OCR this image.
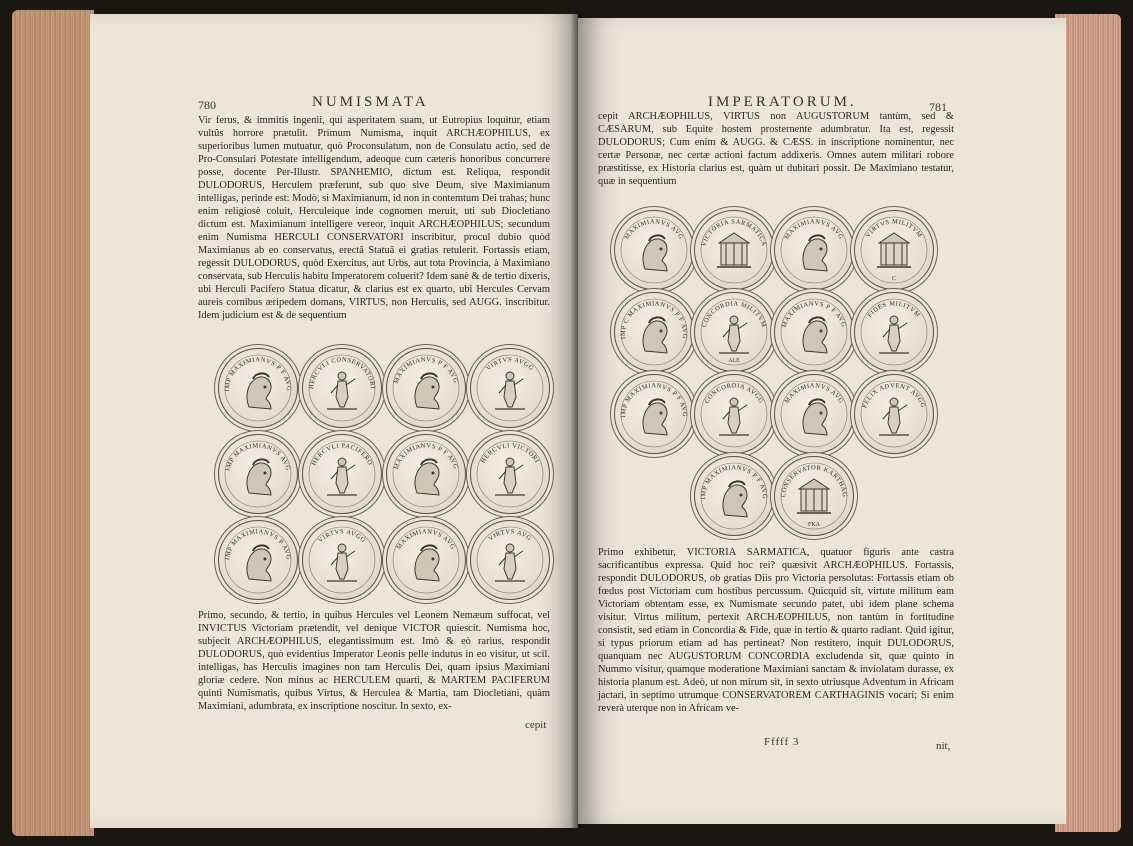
780	NUMISMATA

Vir ferus, & immitis ingenii, qui asperitatem suam, ut Eutropius loquitur, etiam vultûs horrore prætulit. Primum Numisma, inquit ARCHÆOPHILUS, ex superioribus lumen mutuatur, quò Proconsulatum, non de Consulatu actio, sed de Pro-Consulari Potestate intelligendum, adeoque cum cæteris honoribus concurrere posse, docente Per-Illustr. SPANHEMIO, dictum est. Reliqua, respondit DULODORUS, Herculem præferunt, sub quo sive Deum, sive Maximianum intelligas, perinde est: Modò, si Maximianum, id non in contemtum Dei trahas; hunc enim religiosè coluit, Herculeique inde cognomen meruit, uti sub Diocletiano dictum est. Maximianum intelligere vereor, inquit ARCHÆOPHILUS; secundum enim Numisma HERCULI CONSERVATORI inscribitur, procul dubio quòd Maximianus ab eo conservatus, erectâ Statuâ ei gratias retulerit. Fortassis etiam, regessit DULODORUS, quòd Exercitus, aut Urbs, aut tota Provincia, à Maximiano conservata, sub Herculis habitu Imperatorem coluerit? Idem sanè & de tertio dixeris, ubi Herculi Pacifero Statua dicatur, & clarius est ex quarto, ubi Hercules Cervam aureis cornibus æripedem domans, VIRTUS, non Herculis, sed AUGG. inscribitur. Idem judicium est & de sequentium

IMP MAXIMIANVS P F AVG HERCVLI CONSERVATORI
MAXIMIANVS P F AVG
VIRTVS AVGG
IMP MAXIMIANVS AVG
HERCVLI PACIFERO	MAXIMIANVS P F AVG
HERCVLI VICTORI
IMP MAXIMIANVS P AVG
VIRTVS AVGG
MAXIMIANVS AVG
VIRTVS AVG

Primo, secundo, & tertio, in quibus Hercules vel Leonem Nemæum suffocat, vel INVICTUS Victoriam prætendit, vel denique VICTOR quiescit. Numisma hoc, subjecit ARCHÆOPHILUS, elegantissimum est. Imò & eò rarius, respondit DULODORUS, quò evidentius Imperator Leonis pelle indutus in eo visitur, ut scil. intelligas, has Herculis imagines non tam Herculis Dei, quam ipsius Maximiani gloriæ cedere. Non minus ac HERCULEM quarti, & MARTEM PACIFERUM quinti Numismatis, quibus Virtus, & Herculea & Martia, tam Diocletiani, quàm Maximiani, adumbrata, ex inscriptione noscitur. In sexto, ex-

cepit
IMPERATORUM.	781

cepit ARCHÆOPHILUS, VIRTUS non AUGUSTORUM tantùm, sed & CÆSARUM, sub Equite hostem prosternente adumbratur. Ita est, regessit DULODORUS; Cum enim & AUGG. & CÆSS. in inscriptione nominentur, nec certæ Personæ, nec certæ actioni factum addixeris. Omnes autem militari robore præstitisse, ex Historia clarius est, quàm ut dubitari possit. De Maximiano testatur, quæ in sequentium

MAXIMIANVS AVG
VICTORIA SARMATICA
MAXIMIANVS AVG	VIRTVS MILITVM
C
IMP C MAXIMIANVS P F AVG
CONCORDIA MILITVM
ALE
MAXIMIANVS P F AVG
FIDES MILITVM
IMP MAXIMIANVS P F AVG
CONCORDIA AVGG	MAXIMIANVS AVG
FELIX ADVENT AVGG
IMP MAXIMIANVS P F AVG CONSERVATOR KARTHAG
FKA

Primo exhibetur, VICTORIA SARMATICA, quatuor figuris ante castra sacrificantibus expressa. Quid hoc rei? quæsivit ARCHÆOPHILUS. Fortassis, respondit DULODORUS, ob gratias Diis pro Victoria persolutas: Fortassis etiam ob fœdus post Victoriam cum hostibus percussum. Quicquid sit, virtute militum eam Victoriam obtentam esse, ex Numismate secundo patet, ubi idem plane schema visitur. Virtus militum, pertexit ARCHÆOPHILUS, non tantùm in fortitudine consistit, sed etiam in Concordia & Fide, quæ in tertio & quarto radiant. Quid igitur, si typus priorum etiam ad has pertineat? Non restitero, inquit DULODORUS, quanquam nec AUGUSTORUM CONCORDIA excludenda sit, quæ quinto in Nummo visitur, quamque moderatione Maximiani sanctam & inviolatam durasse, ex historia planum est. Adeò, ut non mirum sit, in sexto utriusque Adventum in Africam jactari, in septimo utrumque CONSERVATOREM CARTHAGINIS vocari; Si enim reverà uterque non in Africam ve-

Fffff 3	nit,
